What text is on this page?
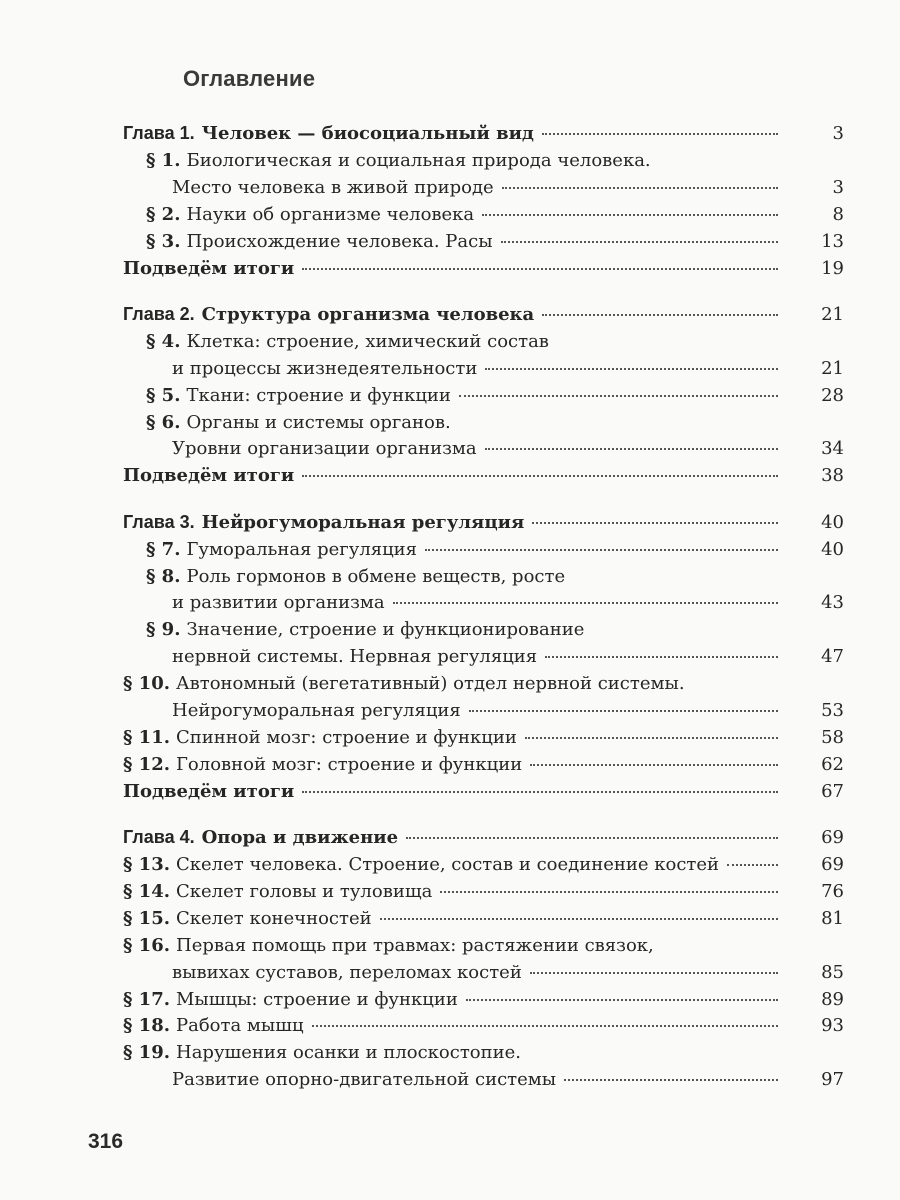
Оглавление
Глава 1. Человек — биосоциальный вид	3
§ 1. Биологическая и социальная природа человека.
Место человека в живой природе	3
§ 2. Науки об организме человека	8
§ 3. Происхождение человека. Расы	13
Подведём итоги	19
Глава 2. Структура организма человека	21
§ 4. Клетка: строение, химический состав
и процессы жизнедеятельности	21
§ 5. Ткани: строение и функции	28
§ 6. Органы и системы органов.
Уровни организации организма	34
Подведём итоги	38
Глава 3. Нейрогуморальная регуляция	40
§ 7. Гуморальная регуляция	40
§ 8. Роль гормонов в обмене веществ, росте
и развитии организма	43
§ 9. Значение, строение и функционирование
нервной системы. Нервная регуляция	47
§ 10. Автономный (вегетативный) отдел нервной системы.
Нейрогуморальная регуляция	53
§ 11. Спинной мозг: строение и функции	58
§ 12. Головной мозг: строение и функции	62
Подведём итоги	67
Глава 4. Опора и движение	69
§ 13. Скелет человека. Строение, состав и соединение костей	69
§ 14. Скелет головы и туловища	76
§ 15. Скелет конечностей	81
§ 16. Первая помощь при травмах: растяжении связок,
вывихах суставов, переломах костей	85
§ 17. Мышцы: строение и функции	89
§ 18. Работа мышц	93
§ 19. Нарушения осанки и плоскостопие.
Развитие опорно-двигательной системы	97
316
